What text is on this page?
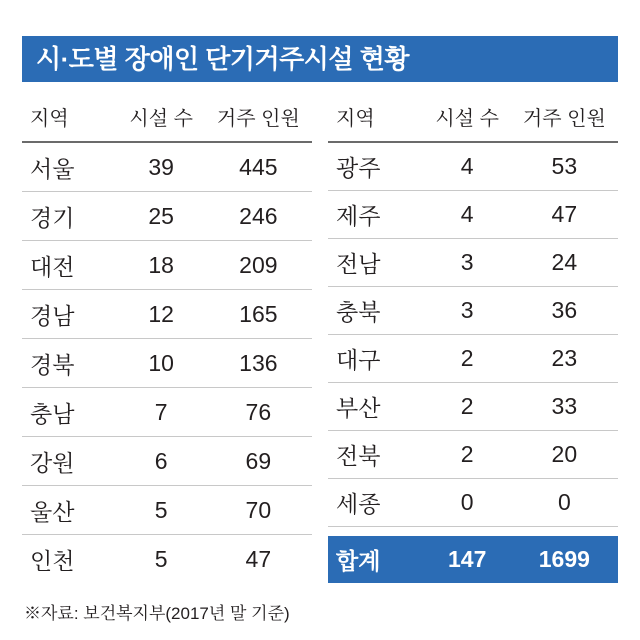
시·도별 장애인 단기거주시설 현황
지역	시설 수	거주 인원
서울	39	445
경기	25	246
대전	18	209
경남	12	165
경북	10	136
충남	7	76
강원	6	69
울산	5	70
인천	5	47
지역	시설 수	거주 인원
광주	4	53
제주	4	47
전남	3	24
충북	3	36
대구	2	23
부산	2	33
전북	2	20
세종	0	0

합계	147	1699
※자료: 보건복지부(2017년 말 기준)
